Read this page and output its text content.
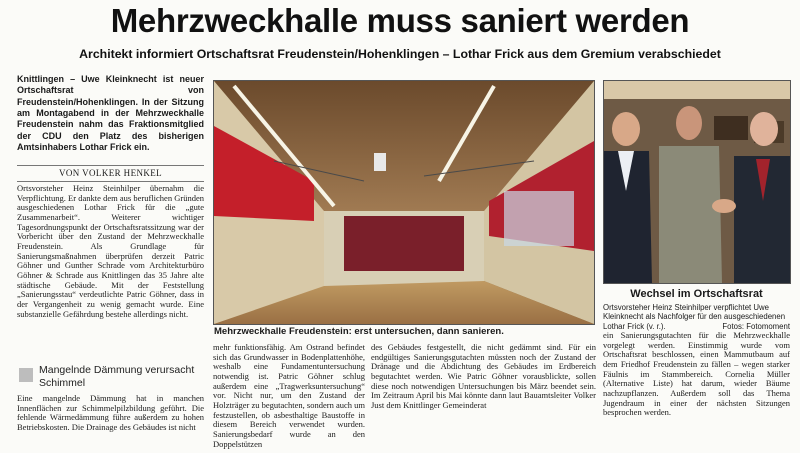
Mehrzweckhalle muss saniert werden
Architekt informiert Ortschaftsrat Freudenstein/Hohenklingen – Lothar Frick aus dem Gremium verabschiedet
Knittlingen – Uwe Kleinknecht ist neuer Ortschaftsrat von Freudenstein/Hohenklingen. In der Sitzung am Montagabend in der Mehrzweckhalle Freudenstein nahm das Fraktionsmitglied der CDU den Platz des bisherigen Amtsinhabers Lothar Frick ein.
VON VOLKER HENKEL

Ortsvorsteher Heinz Steinhilper übernahm die Verpflichtung. Er dankte dem aus beruflichen Gründen ausgeschiedenen Lothar Frick für die „gute Zusammenarbeit“. Weiterer wichtiger Tagesordnungspunkt der Ortschaftsratssitzung war der Vorbericht über den Zustand der Mehrzweckhalle Freudenstein. Als Grundlage für Sanierungsmaßnahmen überprüfen derzeit Patric Göhner und Gunther Schrade vom Architekturbüro Göhner & Schrade aus Knittlingen das 35 Jahre alte städtische Gebäude. Mit der Feststellung „Sanierungsstau“ verdeutlichte Patric Göhner, dass in der Vergangenheit zu wenig gemacht wurde. Eine substanzielle Gefährdung bestehe allerdings nicht.

Mangelnde Dämmung verursacht Schimmel

Eine mangelnde Dämmung hat in manchen Innenflächen zur Schimmelpilzbildung geführt. Die fehlende Wärmedämmung führe außerdem zu hohen Betriebskosten. Die Drainage des Gebäudes ist nicht

Mehrzweckhalle Freudenstein: erst untersuchen, dann sanieren.
Wechsel im Ortschaftsrat
Ortsvorsteher Heinz Steinhilper verpflichtet Uwe Kleinknecht als Nachfolger für den ausgeschiedenen Lothar Frick (v. r.).	Fotos: Fotomoment

mehr funktionsfähig. Am Ostrand befindet sich das Grundwasser in Bodenplattenhöhe, weshalb eine Fundamentuntersuchung notwendig ist. Patric Göhner schlug außerdem eine „Tragwerksuntersuchung“ vor. Nicht nur, um den Zustand der Holzträger zu begutachten, sondern auch um festzustellen, ob asbesthaltige Baustoffe in diesem Bereich verwendet wurden. Sanierungsbedarf wurde an den Doppelstützen

des Gebäudes festgestellt, die nicht gedämmt sind. Für ein endgültiges Sanierungsgutachten müssten noch der Zustand der Dränage und die Abdichtung des Gebäudes im Erdbereich begutachtet werden. Wie Patric Göhner vorausblickte, sollen diese noch notwendigen Untersuchungen bis März beendet sein. Im Zeitraum April bis Mai könnte dann laut Bauamtsleiter Volker Just dem Knittlinger Gemeinderat

ein Sanierungsgutachten für die Mehrzweckhalle vorgelegt werden. Einstimmig wurde vom Ortschaftsrat beschlossen, einen Mammutbaum auf dem Friedhof Freudenstein zu fällen – wegen starker Fäulnis im Stammbereich. Cornelia Müller (Alternative Liste) hat darum, wieder Bäume nachzupflanzen. Außerdem soll das Thema Jugendraum in einer der nächsten Sitzungen besprochen werden.
